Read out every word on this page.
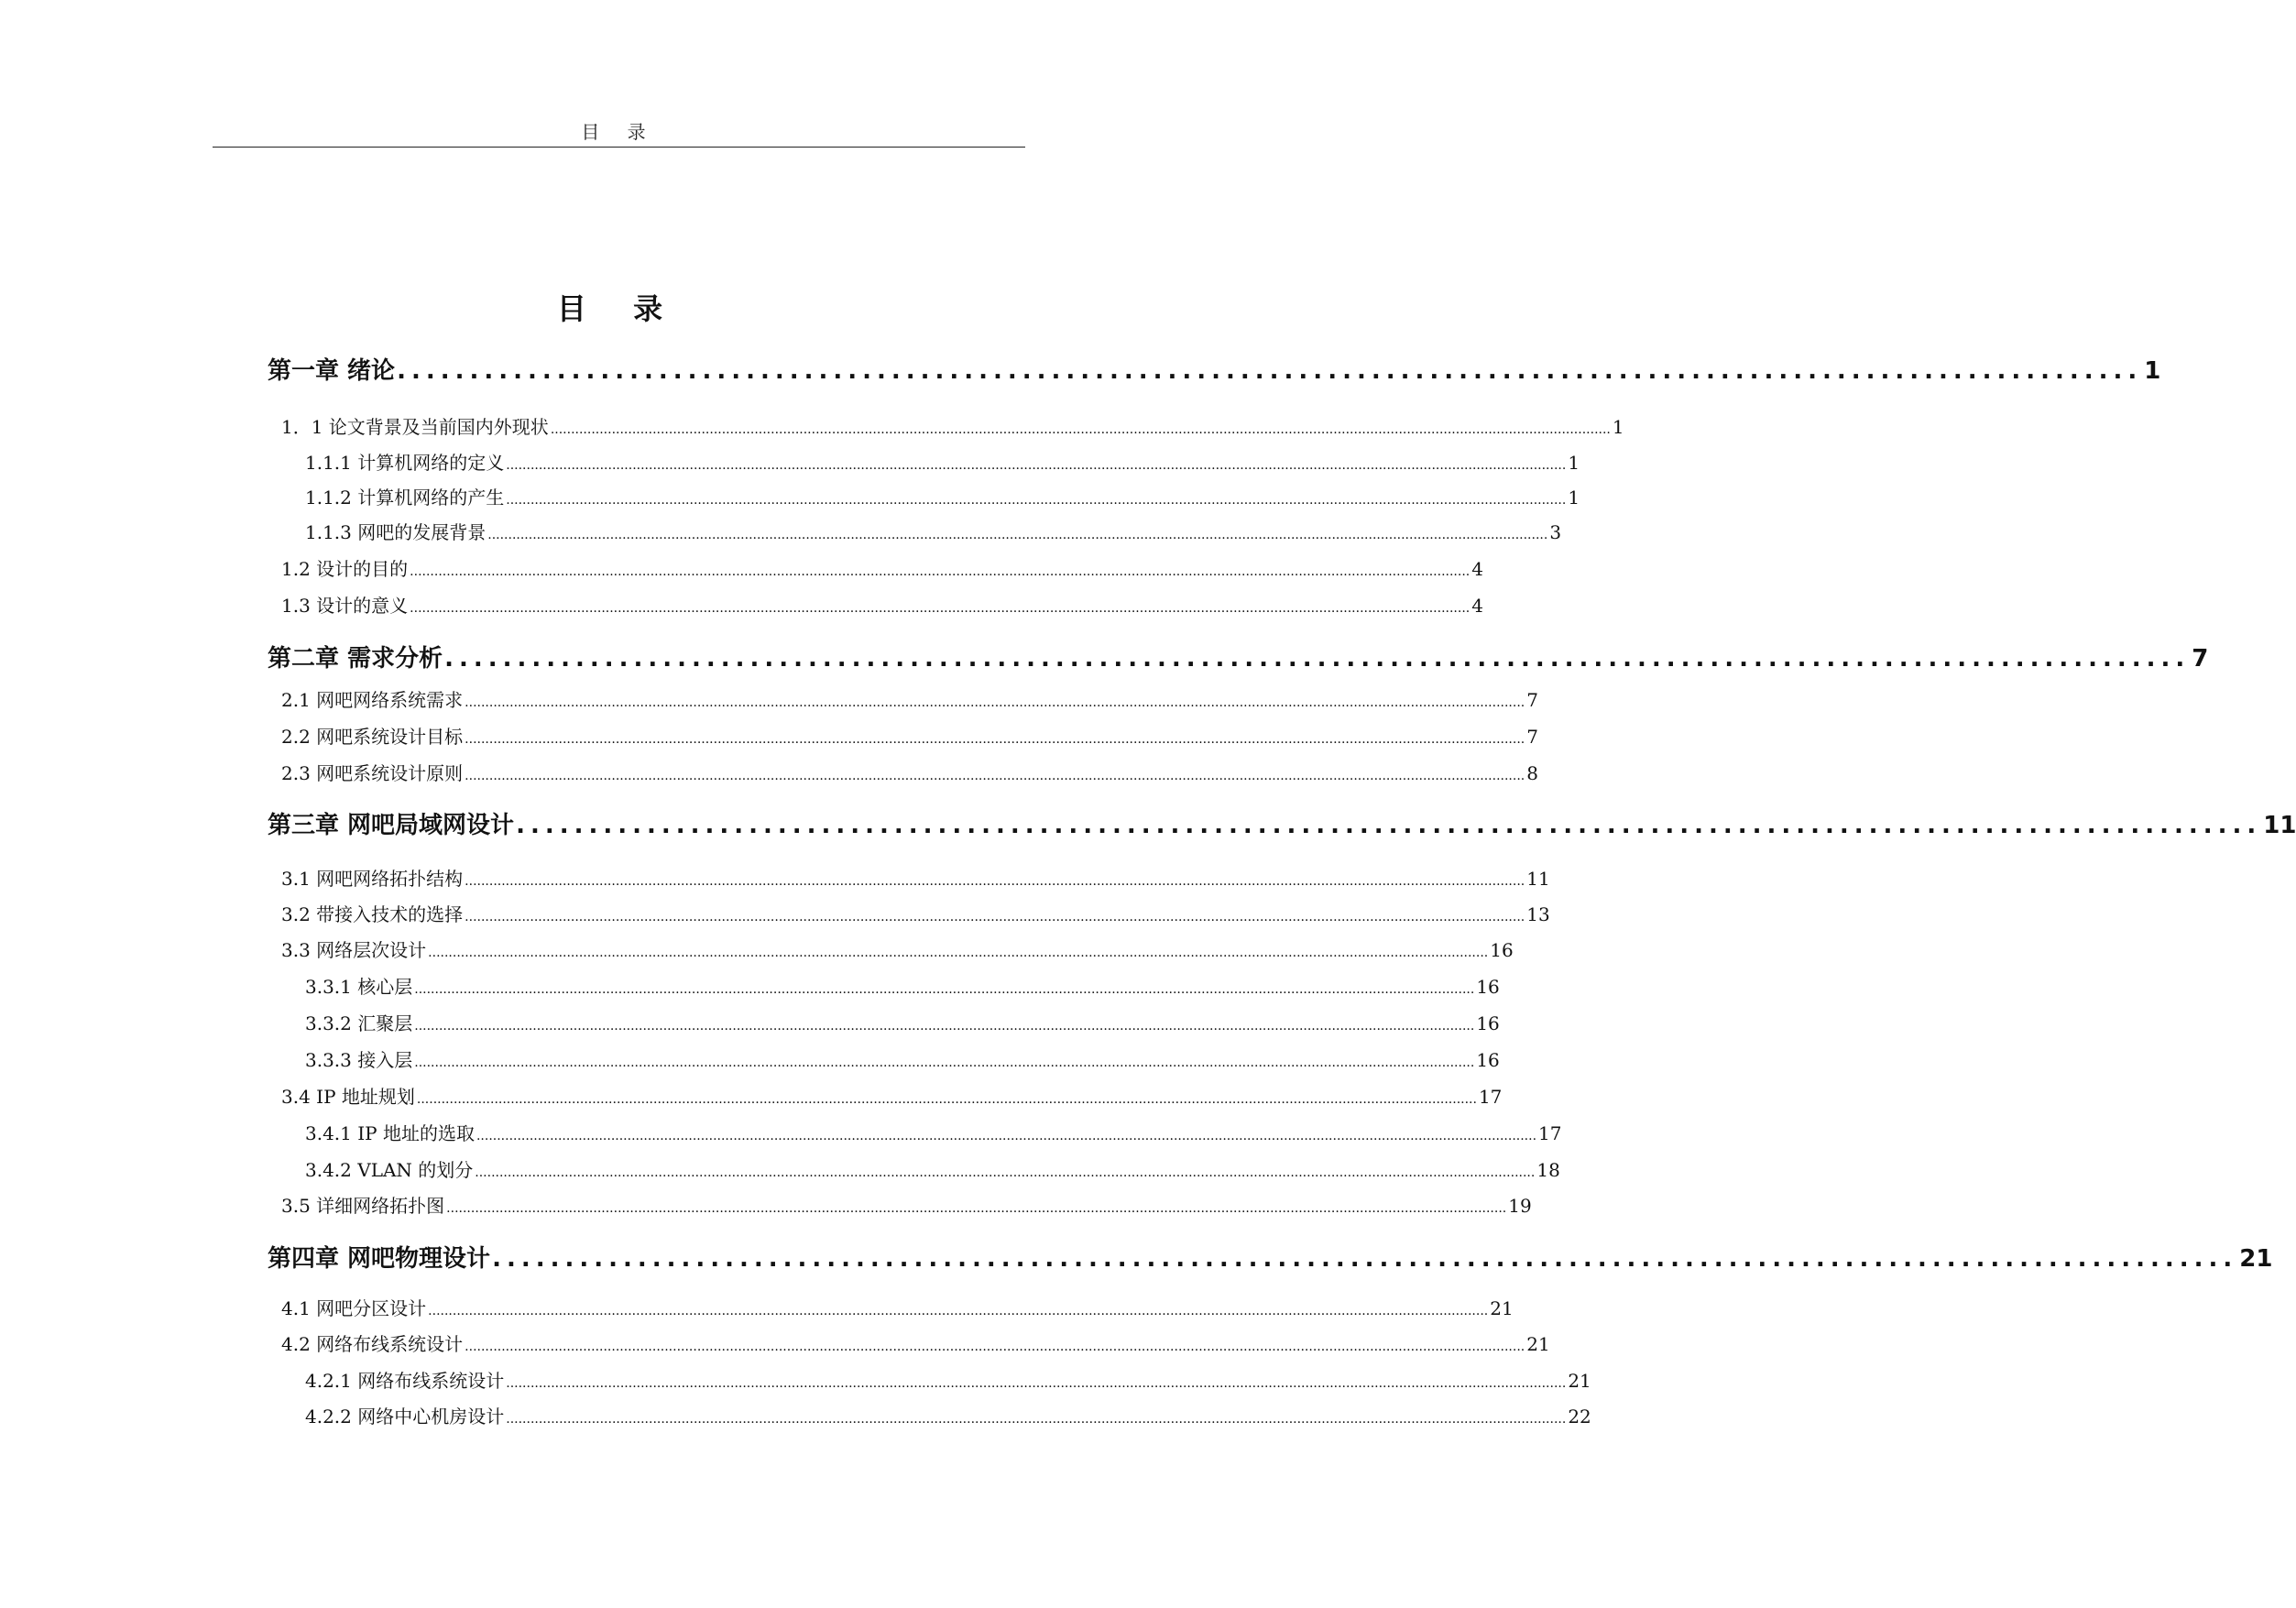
目 录
目 录
第一章 绪论 ........................................................................................................................ 1
1．1 论文背景及当前国内外现状 .................................................................................................................................................................................................................................................................... 1
1.1.1 计算机网络的定义 .................................................................................................................................................................................................................................................................... 1
1.1.2 计算机网络的产生 .................................................................................................................................................................................................................................................................... 1
1.1.3 网吧的发展背景 .................................................................................................................................................................................................................................................................... 3
1.2 设计的目的 .................................................................................................................................................................................................................................................................... 4
1.3 设计的意义 .................................................................................................................................................................................................................................................................... 4
第二章 需求分析 ........................................................................................................................ 7
2.1 网吧网络系统需求 .................................................................................................................................................................................................................................................................... 7
2.2 网吧系统设计目标 .................................................................................................................................................................................................................................................................... 7
2.3 网吧系统设计原则 .................................................................................................................................................................................................................................................................... 8
第三章 网吧局域网设计 ........................................................................................................................ 11
3.1 网吧网络拓扑结构 .................................................................................................................................................................................................................................................................... 11
3.2 带接入技术的选择 .................................................................................................................................................................................................................................................................... 13
3.3 网络层次设计 .................................................................................................................................................................................................................................................................... 16
3.3.1 核心层 .................................................................................................................................................................................................................................................................... 16
3.3.2 汇聚层 .................................................................................................................................................................................................................................................................... 16
3.3.3 接入层 .................................................................................................................................................................................................................................................................... 16
3.4 IP 地址规划 .................................................................................................................................................................................................................................................................... 17
3.4.1 IP 地址的选取 .................................................................................................................................................................................................................................................................... 17
3.4.2 VLAN 的划分 .................................................................................................................................................................................................................................................................... 18
3.5 详细网络拓扑图 .................................................................................................................................................................................................................................................................... 19
第四章 网吧物理设计 ........................................................................................................................ 21
4.1 网吧分区设计 .................................................................................................................................................................................................................................................................... 21
4.2 网络布线系统设计 .................................................................................................................................................................................................................................................................... 21
4.2.1 网络布线系统设计 .................................................................................................................................................................................................................................................................... 21
4.2.2 网络中心机房设计 .................................................................................................................................................................................................................................................................... 22
